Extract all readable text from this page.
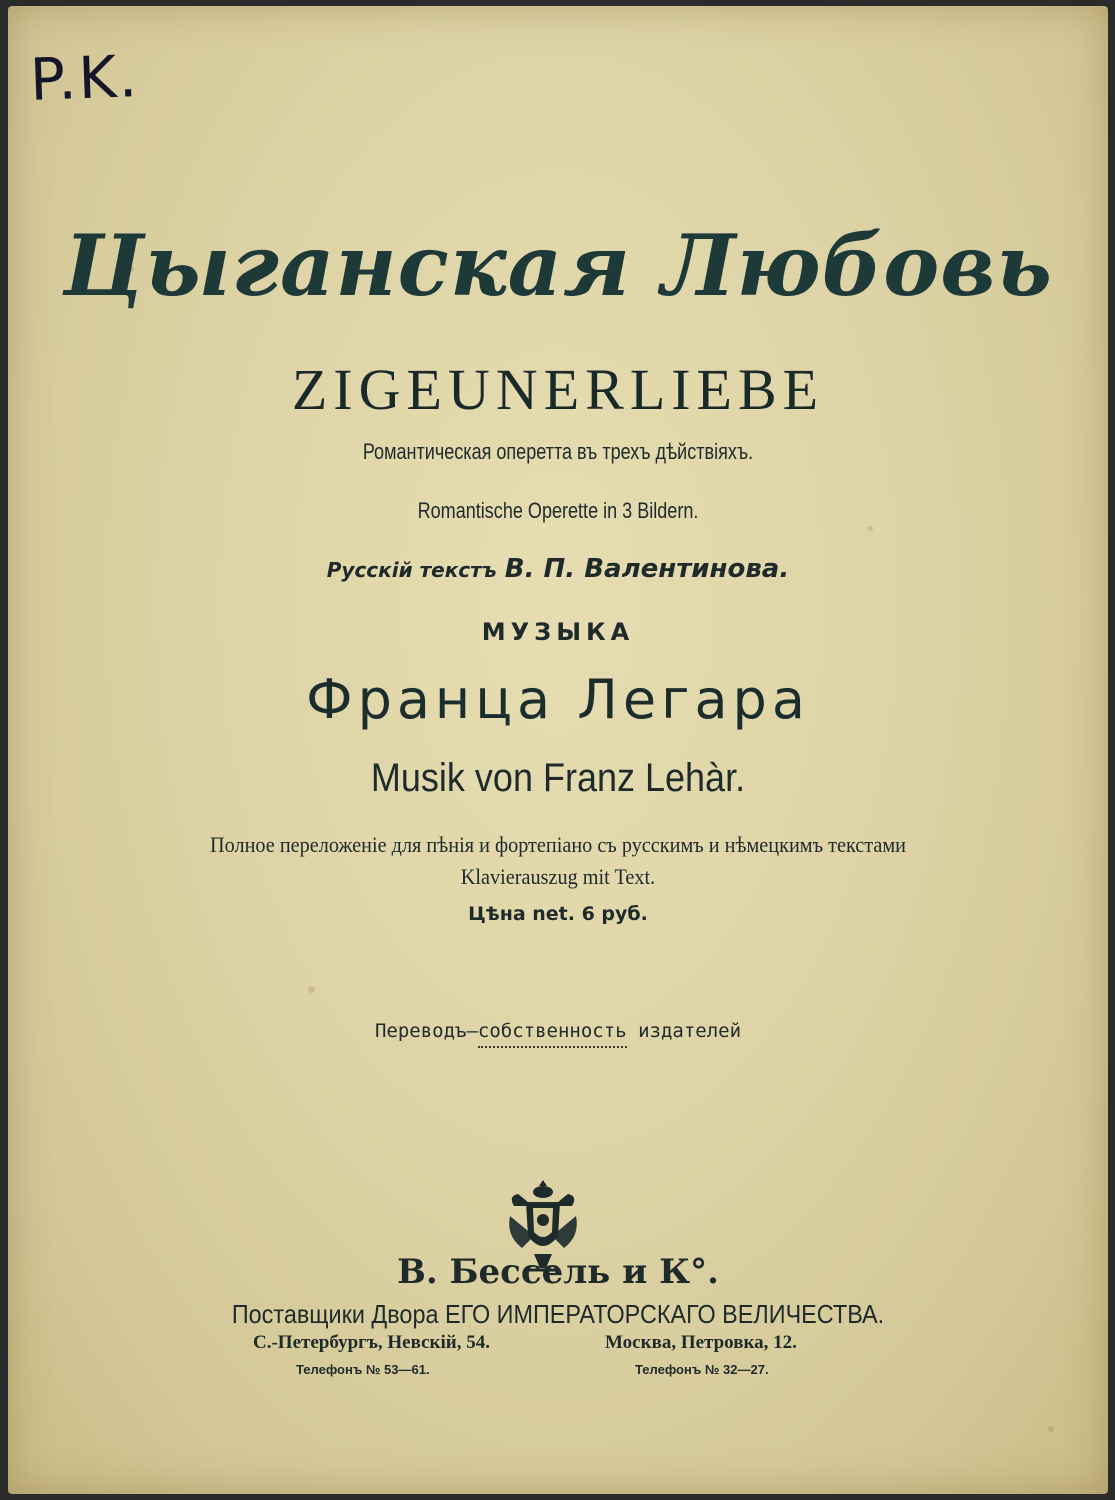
P.K.
Цыганская Любовь
ZIGEUNERLIEBE
Романтическая оперетта въ трехъ дѣйствіяхъ.
Romantische Operette in 3 Bildern.
Русскій текстъ В. П. Валентинова.
МУЗЫКА
Франца Легара
Musik von Franz Lehàr.
Полное переложеніе для пѣнія и фортепіано съ русскимъ и нѣмецкимъ текстами
Klavierauszug mit Text.
Цѣна net. 6 руб.
Переводъ—собственность издателей
В. Бессель и К°.
Поставщики Двора ЕГО ИМПЕРАТОРСКАГО ВЕЛИЧЕСТВА.
С.-Петербургъ, Невскій, 54.	Москва, Петровка, 12.
Телефонъ № 53—61.	Телефонъ № 32—27.
